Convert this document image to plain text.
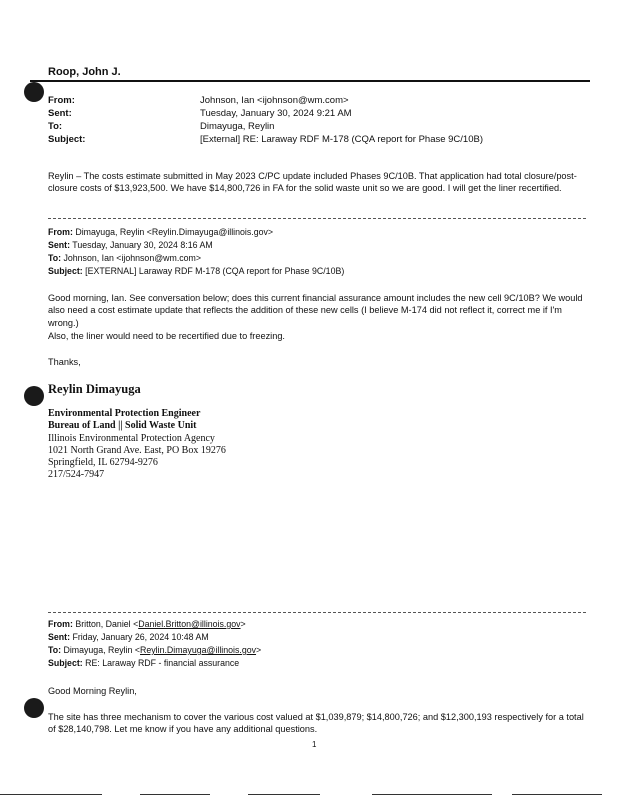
Roop, John J.
From:	Johnson, Ian <ijohnson@wm.com>
Sent:	Tuesday, January 30, 2024 9:21 AM
To:	Dimayuga, Reylin
Subject:	[External] RE: Laraway RDF M-178 (CQA report for Phase 9C/10B)
Reylin – The costs estimate submitted in May 2023 C/PC update included Phases 9C/10B. That application had total closure/post-closure costs of $13,923,500. We have $14,800,726 in FA for the solid waste unit so we are good. I will get the liner recertified.
From: Dimayuga, Reylin <Reylin.Dimayuga@illinois.gov>
Sent: Tuesday, January 30, 2024 8:16 AM
To: Johnson, Ian <ijohnson@wm.com>
Subject: [EXTERNAL] Laraway RDF M-178 (CQA report for Phase 9C/10B)
Good morning, Ian. See conversation below; does this current financial assurance amount includes the new cell 9C/10B? We would also need a cost estimate update that reflects the addition of these new cells (I believe M-174 did not reflect it, correct me if I'm wrong.)
Also, the liner would need to be recertified due to freezing.
Thanks,
Reylin Dimayuga
Environmental Protection Engineer
Bureau of Land || Solid Waste Unit
Illinois Environmental Protection Agency
1021 North Grand Ave. East, PO Box 19276
Springfield, IL 62794-9276
217/524-7947
From: Britton, Daniel <Daniel.Britton@illinois.gov>
Sent: Friday, January 26, 2024 10:48 AM
To: Dimayuga, Reylin <Reylin.Dimayuga@illinois.gov>
Subject: RE: Laraway RDF - financial assurance
Good Morning Reylin,
The site has three mechanism to cover the various cost valued at $1,039,879; $14,800,726; and $12,300,193 respectively for a total of $28,140,798. Let me know if you have any additional questions.
1
